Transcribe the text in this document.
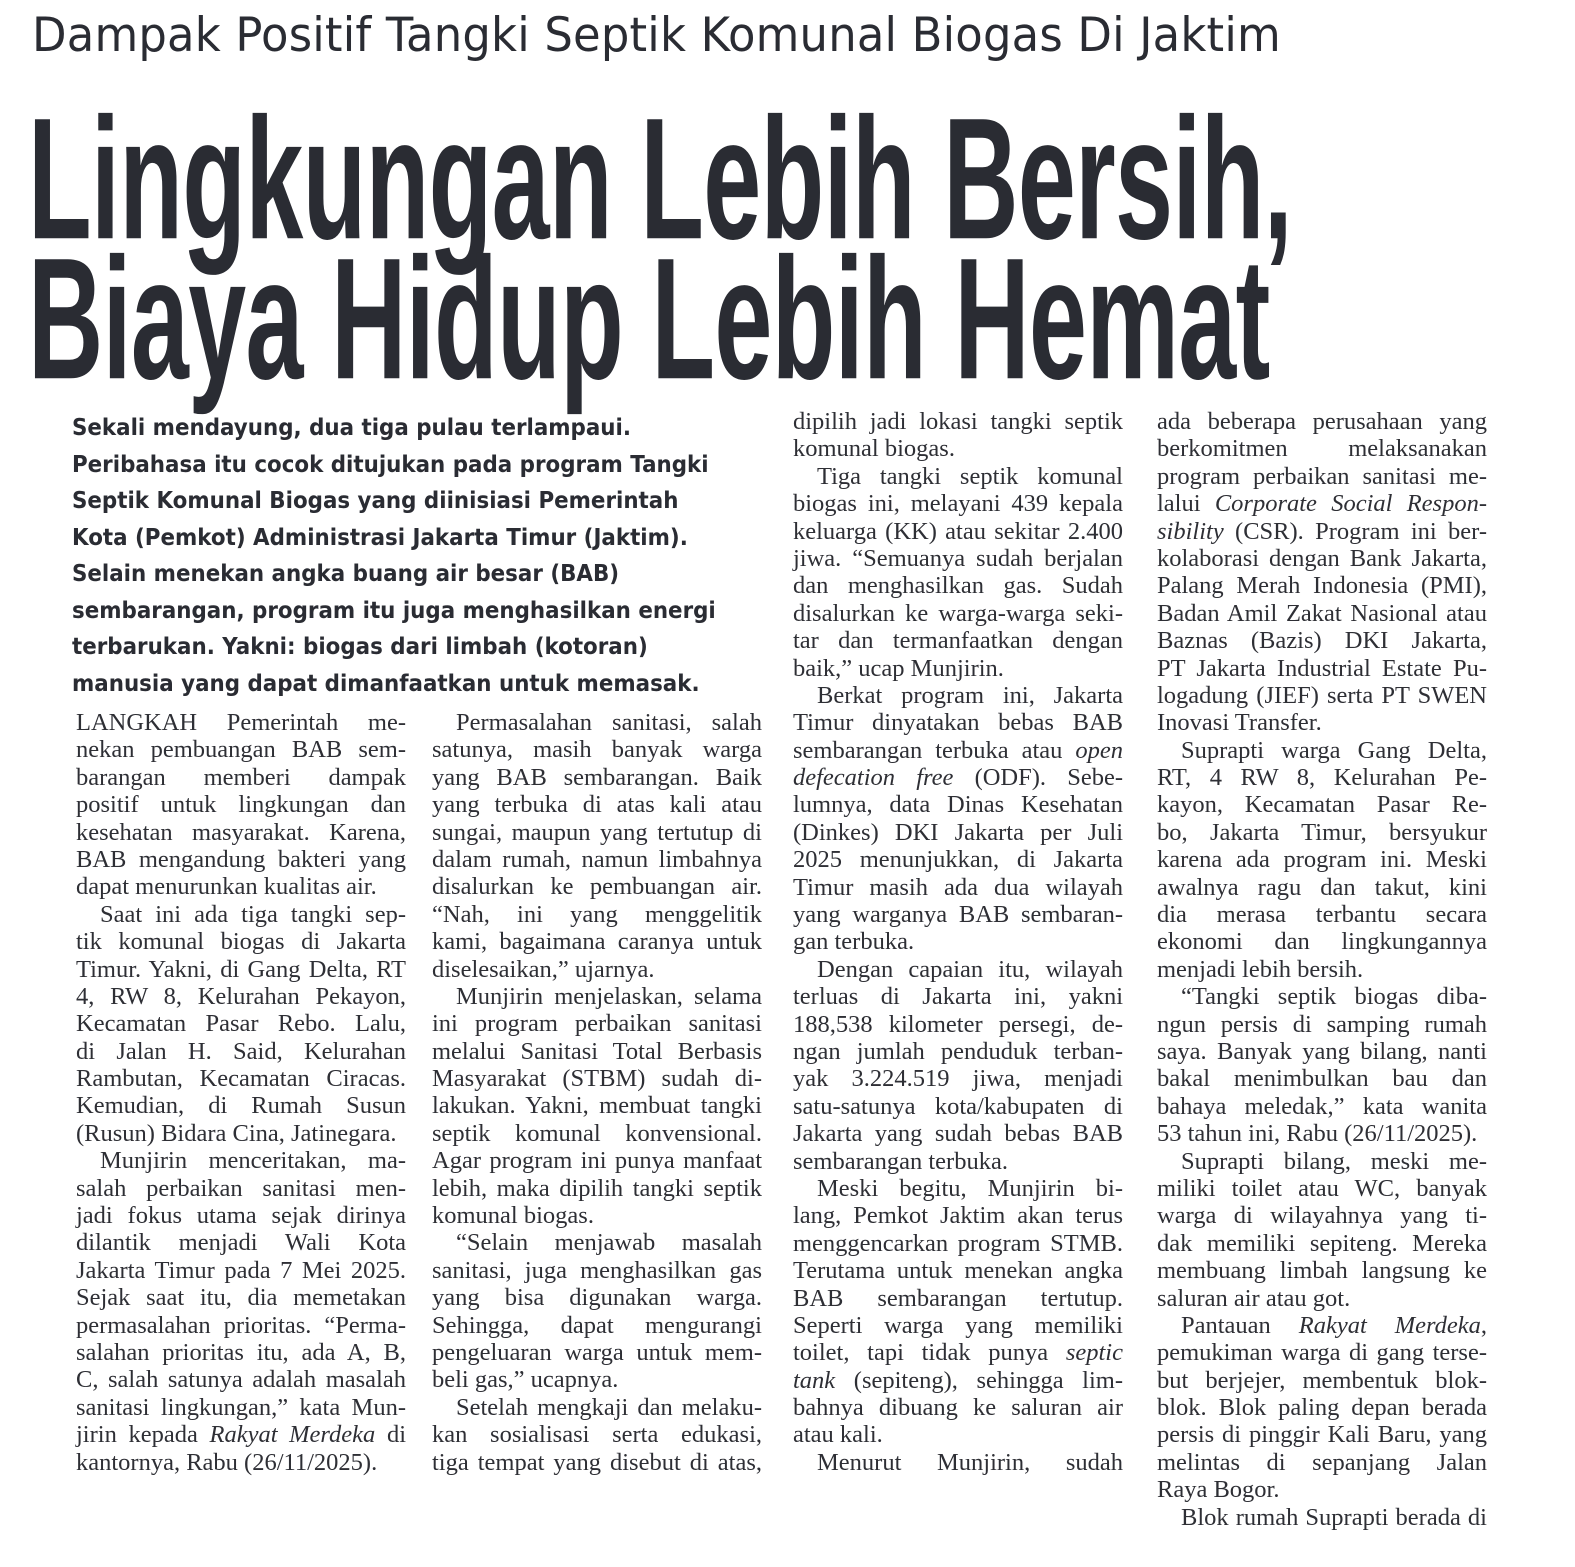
Dampak Positif Tangki Septik Komunal Biogas Di Jaktim
Lingkungan Lebih Bersih,
Biaya Hidup Lebih Hemat
Sekali mendayung, dua tiga pulau terlampaui.
Peribahasa itu cocok ditujukan pada program Tangki
Septik Komunal Biogas yang diinisiasi Pemerintah
Kota (Pemkot) Administrasi Jakarta Timur (Jaktim).
Selain menekan angka buang air besar (BAB)
sembarangan, program itu juga menghasilkan energi
terbarukan. Yakni: biogas dari limbah (kotoran)
manusia yang dapat dimanfaatkan untuk memasak.
LANGKAH Pemerintah me-
nekan pembuangan BAB sem-
barangan memberi dampak
positif untuk lingkungan dan
kesehatan masyarakat. Karena,
BAB mengandung bakteri yang
dapat menurunkan kualitas air.
Saat ini ada tiga tangki sep-
tik komunal biogas di Jakarta
Timur. Yakni, di Gang Delta, RT
4, RW 8, Kelurahan Pekayon,
Kecamatan Pasar Rebo. Lalu,
di Jalan H. Said, Kelurahan
Rambutan, Kecamatan Ciracas.
Kemudian, di Rumah Susun
(Rusun) Bidara Cina, Jatinegara.
Munjirin menceritakan, ma-
salah perbaikan sanitasi men-
jadi fokus utama sejak dirinya
dilantik menjadi Wali Kota
Jakarta Timur pada 7 Mei 2025.
Sejak saat itu, dia memetakan
permasalahan prioritas. “Perma-
salahan prioritas itu, ada A, B,
C, salah satunya adalah masalah
sanitasi lingkungan,” kata Mun-
jirin kepada Rakyat Merdeka di
kantornya, Rabu (26/11/2025).
Permasalahan sanitasi, salah
satunya, masih banyak warga
yang BAB sembarangan. Baik
yang terbuka di atas kali atau
sungai, maupun yang tertutup di
dalam rumah, namun limbahnya
disalurkan ke pembuangan air.
“Nah, ini yang menggelitik
kami, bagaimana caranya untuk
diselesaikan,” ujarnya.
Munjirin menjelaskan, selama
ini program perbaikan sanitasi
melalui Sanitasi Total Berbasis
Masyarakat (STBM) sudah di-
lakukan. Yakni, membuat tangki
septik komunal konvensional.
Agar program ini punya manfaat
lebih, maka dipilih tangki septik
komunal biogas.
“Selain menjawab masalah
sanitasi, juga menghasilkan gas
yang bisa digunakan warga.
Sehingga, dapat mengurangi
pengeluaran warga untuk mem-
beli gas,” ucapnya.
Setelah mengkaji dan melaku-
kan sosialisasi serta edukasi,
tiga tempat yang disebut di atas,
dipilih jadi lokasi tangki septik
komunal biogas.
Tiga tangki septik komunal
biogas ini, melayani 439 kepala
keluarga (KK) atau sekitar 2.400
jiwa. “Semuanya sudah berjalan
dan menghasilkan gas. Sudah
disalurkan ke warga-warga seki-
tar dan termanfaatkan dengan
baik,” ucap Munjirin.
Berkat program ini, Jakarta
Timur dinyatakan bebas BAB
sembarangan terbuka atau open
defecation free (ODF). Sebe-
lumnya, data Dinas Kesehatan
(Dinkes) DKI Jakarta per Juli
2025 menunjukkan, di Jakarta
Timur masih ada dua wilayah
yang warganya BAB sembaran-
gan terbuka.
Dengan capaian itu, wilayah
terluas di Jakarta ini, yakni
188,538 kilometer persegi, de-
ngan jumlah penduduk terban-
yak 3.224.519 jiwa, menjadi
satu-satunya kota/kabupaten di
Jakarta yang sudah bebas BAB
sembarangan terbuka.
Meski begitu, Munjirin bi-
lang, Pemkot Jaktim akan terus
menggencarkan program STMB.
Terutama untuk menekan angka
BAB sembarangan tertutup.
Seperti warga yang memiliki
toilet, tapi tidak punya septic
tank (sepiteng), sehingga lim-
bahnya dibuang ke saluran air
atau kali.
Menurut Munjirin, sudah
ada beberapa perusahaan yang
berkomitmen melaksanakan
program perbaikan sanitasi me-
lalui Corporate Social Respon-
sibility (CSR). Program ini ber-
kolaborasi dengan Bank Jakarta,
Palang Merah Indonesia (PMI),
Badan Amil Zakat Nasional atau
Baznas (Bazis) DKI Jakarta,
PT Jakarta Industrial Estate Pu-
logadung (JIEF) serta PT SWEN
Inovasi Transfer.
Suprapti warga Gang Delta,
RT, 4 RW 8, Kelurahan Pe-
kayon, Kecamatan Pasar Re-
bo, Jakarta Timur, bersyukur
karena ada program ini. Meski
awalnya ragu dan takut, kini
dia merasa terbantu secara
ekonomi dan lingkungannya
menjadi lebih bersih.
“Tangki septik biogas diba-
ngun persis di samping rumah
saya. Banyak yang bilang, nanti
bakal menimbulkan bau dan
bahaya meledak,” kata wanita
53 tahun ini, Rabu (26/11/2025).
Suprapti bilang, meski me-
miliki toilet atau WC, banyak
warga di wilayahnya yang ti-
dak memiliki sepiteng. Mereka
membuang limbah langsung ke
saluran air atau got.
Pantauan Rakyat Merdeka,
pemukiman warga di gang terse-
but berjejer, membentuk blok-
blok. Blok paling depan berada
persis di pinggir Kali Baru, yang
melintas di sepanjang Jalan
Raya Bogor.
Blok rumah Suprapti berada di
